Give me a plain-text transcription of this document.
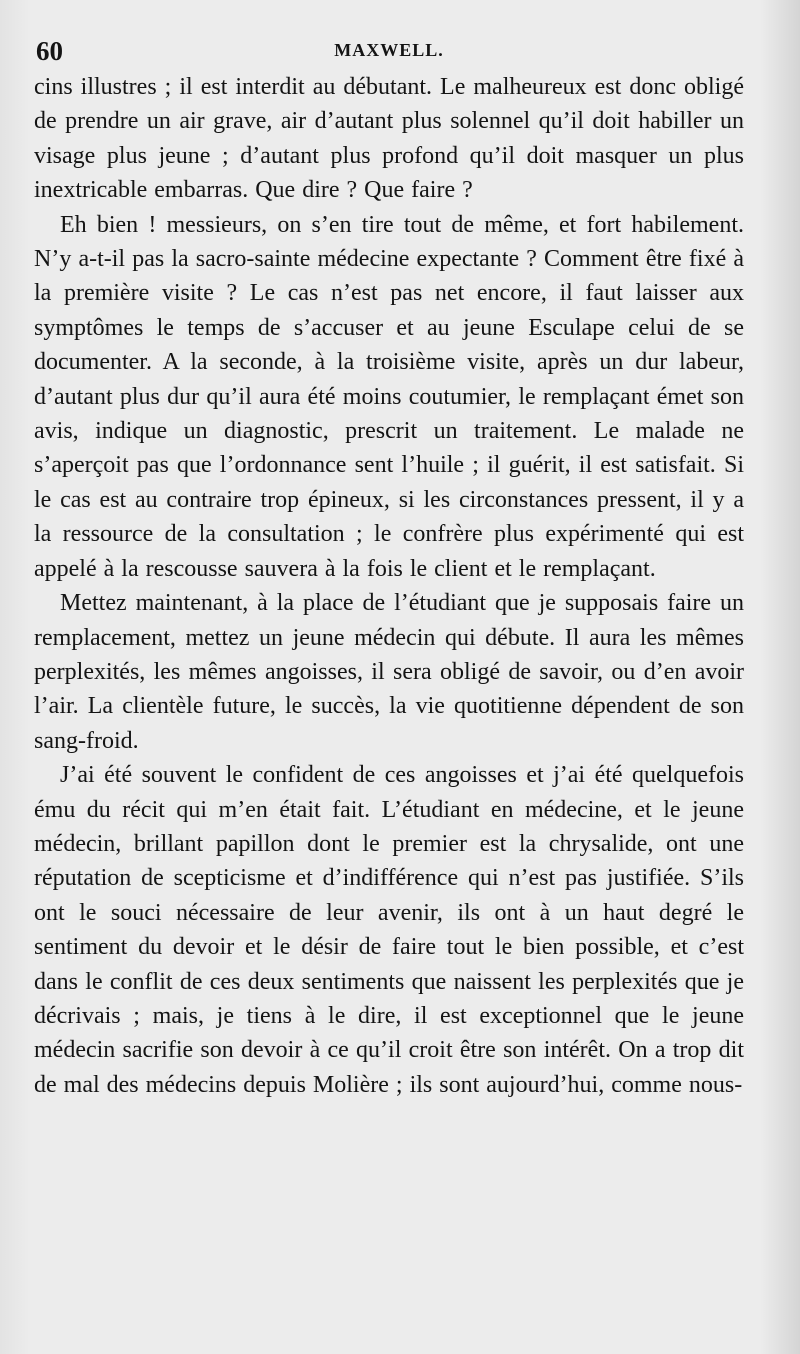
60	MAXWELL.

cins illustres ; il est interdit au débutant. Le malheureux est donc obligé de prendre un air grave, air d’autant plus solennel qu’il doit habiller un visage plus jeune ; d’autant plus profond qu’il doit masquer un plus inextricable embarras. Que dire ? Que faire ?

Eh bien ! messieurs, on s’en tire tout de même, et fort habilement. N’y a-t-il pas la sacro-sainte médecine expectante ? Comment être fixé à la première visite ? Le cas n’est pas net encore, il faut laisser aux symptômes le temps de s’accuser et au jeune Esculape celui de se documenter. A la seconde, à la troisième visite, après un dur labeur, d’autant plus dur qu’il aura été moins coutumier, le remplaçant émet son avis, indique un diagnostic, prescrit un traitement. Le malade ne s’aperçoit pas que l’ordonnance sent l’huile ; il guérit, il est satisfait. Si le cas est au contraire trop épineux, si les circonstances pressent, il y a la ressource de la consultation ; le confrère plus expérimenté qui est appelé à la rescousse sauvera à la fois le client et le remplaçant.

Mettez maintenant, à la place de l’étudiant que je supposais faire un remplacement, mettez un jeune médecin qui débute. Il aura les mêmes perplexités, les mêmes angoisses, il sera obligé de savoir, ou d’en avoir l’air. La clientèle future, le succès, la vie quotitienne dépendent de son sang-froid.

J’ai été souvent le confident de ces angoisses et j’ai été quelquefois ému du récit qui m’en était fait. L’étudiant en médecine, et le jeune médecin, brillant papillon dont le premier est la chrysalide, ont une réputation de scepticisme et d’indifférence qui n’est pas justifiée. S’ils ont le souci nécessaire de leur avenir, ils ont à un haut degré le sentiment du devoir et le désir de faire tout le bien possible, et c’est dans le conflit de ces deux sentiments que naissent les perplexités que je décrivais ; mais, je tiens à le dire, il est exceptionnel que le jeune médecin sacrifie son devoir à ce qu’il croit être son intérêt. On a trop dit de mal des médecins depuis Molière ; ils sont aujourd’hui, comme nous-
